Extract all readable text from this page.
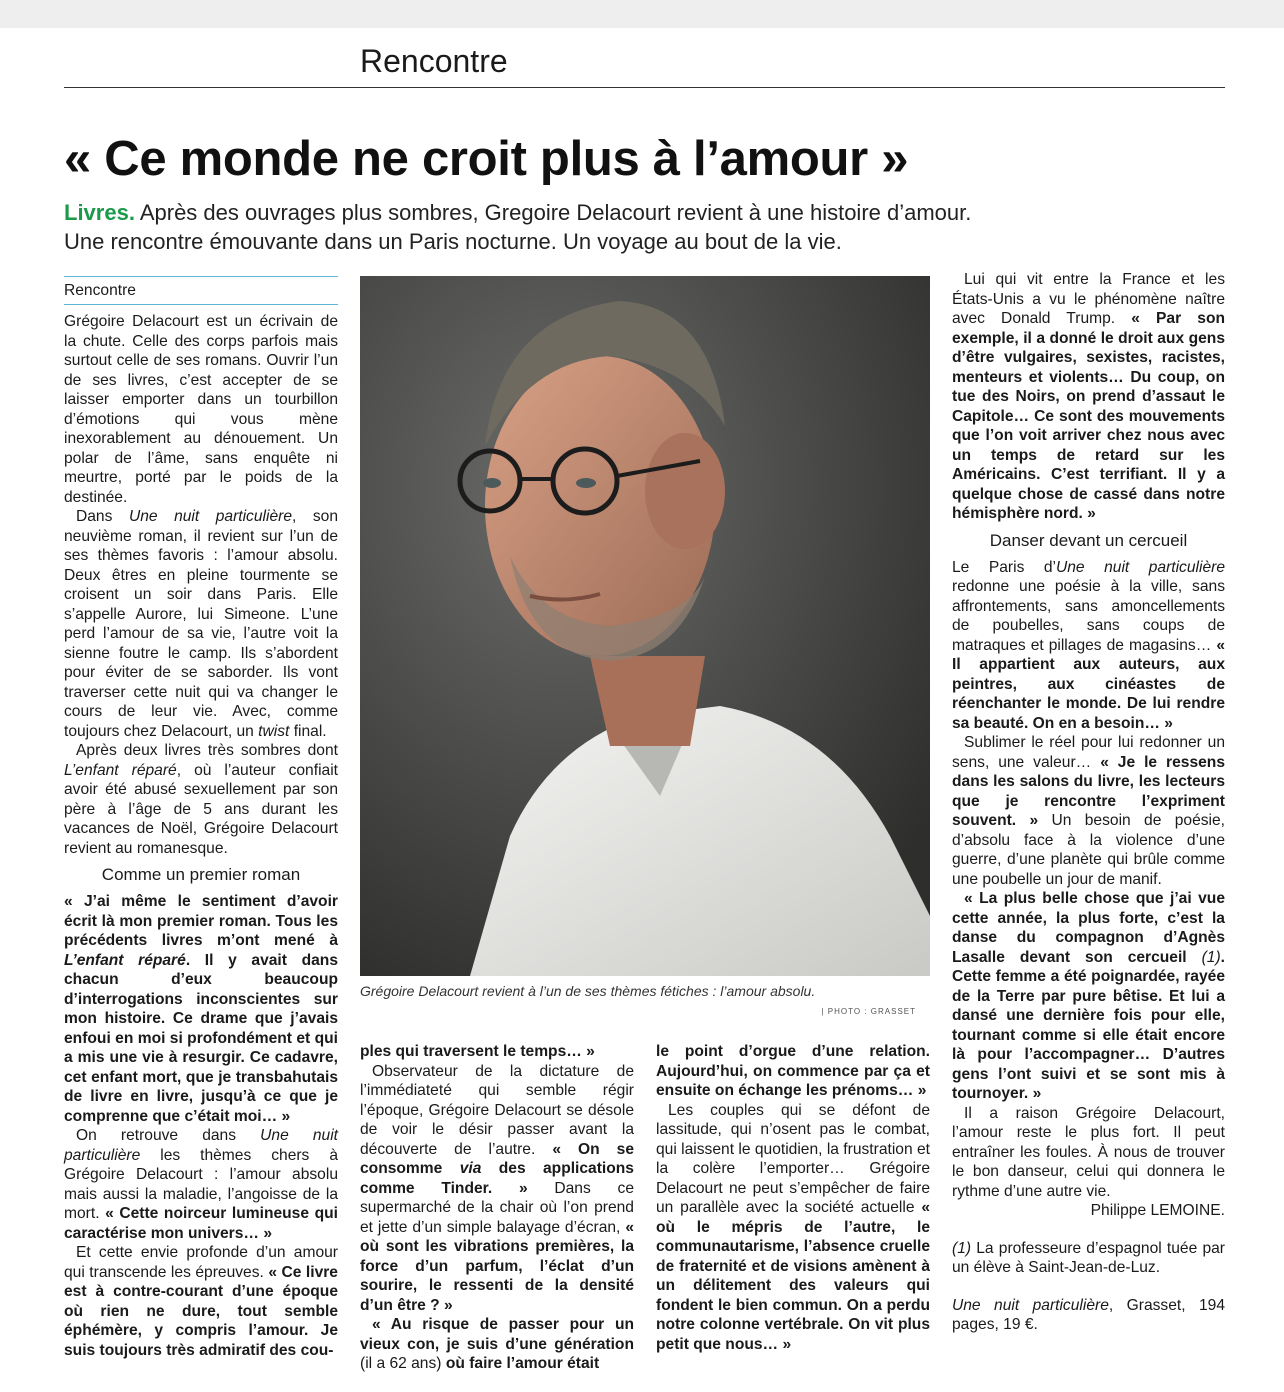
Rencontre
« Ce monde ne croit plus à l’amour »

Livres. Après des ouvrages plus sombres, Gregoire Delacourt revient à une histoire d’amour.

Une rencontre émouvante dans un Paris nocturne. Un voyage au bout de la vie.

Rencontre

Grégoire Delacourt est un écrivain de la chute. Celle des corps parfois mais surtout celle de ses romans. Ouvrir l’un de ses livres, c’est accepter de se laisser emporter dans un tourbillon d’émotions qui vous mène inexorablement au dénouement. Un polar de l’âme, sans enquête ni meurtre, porté par le poids de la destinée.

Dans Une nuit particulière, son neuvième roman, il revient sur l’un de ses thèmes favoris : l’amour absolu. Deux êtres en pleine tourmente se croisent un soir dans Paris. Elle s’appelle Aurore, lui Simeone. L’une perd l’amour de sa vie, l’autre voit la sienne foutre le camp. Ils s’abordent pour éviter de se saborder. Ils vont traverser cette nuit qui va changer le cours de leur vie. Avec, comme toujours chez Delacourt, un twist final.

Après deux livres très sombres dont L’enfant réparé, où l’auteur confiait avoir été abusé sexuellement par son père à l’âge de 5 ans durant les vacances de Noël, Grégoire Delacourt revient au romanesque.

Comme un premier roman

« J’ai même le sentiment d’avoir écrit là mon premier roman. Tous les précédents livres m’ont mené à L’enfant réparé. Il y avait dans chacun d’eux beaucoup d’interrogations inconscientes sur mon histoire. Ce drame que j’avais enfoui en moi si profondément et qui a mis une vie à resurgir. Ce cadavre, cet enfant mort, que je transbahutais de livre en livre, jusqu’à ce que je comprenne que c’était moi… »

On retrouve dans Une nuit particulière les thèmes chers à Grégoire Delacourt : l’amour absolu mais aussi la maladie, l’angoisse de la mort. « Cette noirceur lumineuse qui caractérise mon univers… »

Et cette envie profonde d’un amour qui transcende les épreuves. « Ce livre est à contre-courant d’une époque où rien ne dure, tout semble éphémère, y compris l’amour. Je suis toujours très admiratif des cou-

Grégoire Delacourt revient à l’un de ses thèmes fétiches : l’amour absolu.
| PHOTO : GRASSET

ples qui traversent le temps… »

Observateur de la dictature de l’immédiateté qui semble régir l’époque, Grégoire Delacourt se désole de voir le désir passer avant la découverte de l’autre. « On se consomme via des applications comme Tinder. » Dans ce supermarché de la chair où l’on prend et jette d’un simple balayage d’écran, « où sont les vibrations premières, la force d’un parfum, l’éclat d’un sourire, le ressenti de la densité d’un être ? »

« Au risque de passer pour un vieux con, je suis d’une génération (il a 62 ans) où faire l’amour était

le point d’orgue d’une relation. Aujourd’hui, on commence par ça et ensuite on échange les prénoms… »

Les couples qui se défont de lassitude, qui n’osent pas le combat, qui laissent le quotidien, la frustration et la colère l’emporter… Grégoire Delacourt ne peut s’empêcher de faire un parallèle avec la société actuelle « où le mépris de l’autre, le communautarisme, l’absence cruelle de fraternité et de visions amènent à un délitement des valeurs qui fondent le bien commun. On a perdu notre colonne vertébrale. On vit plus petit que nous… »

Lui qui vit entre la France et les États-Unis a vu le phénomène naître avec Donald Trump. « Par son exemple, il a donné le droit aux gens d’être vulgaires, sexistes, racistes, menteurs et violents… Du coup, on tue des Noirs, on prend d’assaut le Capitole… Ce sont des mouvements que l’on voit arriver chez nous avec un temps de retard sur les Américains. C’est terrifiant. Il y a quelque chose de cassé dans notre hémisphère nord. »

Danser devant un cercueil

Le Paris d’Une nuit particulière redonne une poésie à la ville, sans affrontements, sans amoncellements de poubelles, sans coups de matraques et pillages de magasins… « Il appartient aux auteurs, aux peintres, aux cinéastes de réenchanter le monde. De lui rendre sa beauté. On en a besoin… »

Sublimer le réel pour lui redonner un sens, une valeur… « Je le ressens dans les salons du livre, les lecteurs que je rencontre l’expriment souvent. » Un besoin de poésie, d’absolu face à la violence d’une guerre, d’une planète qui brûle comme une poubelle un jour de manif.

« La plus belle chose que j’ai vue cette année, la plus forte, c’est la danse du compagnon d’Agnès Lasalle devant son cercueil (1). Cette femme a été poignardée, rayée de la Terre par pure bêtise. Et lui a dansé une dernière fois pour elle, tournant comme si elle était encore là pour l’accompagner… D’autres gens l’ont suivi et se sont mis à tournoyer. »

Il a raison Grégoire Delacourt, l’amour reste le plus fort. Il peut entraîner les foules. À nous de trouver le bon danseur, celui qui donnera le rythme d’une autre vie.

Philippe LEMOINE.

(1) La professeure d’espagnol tuée par un élève à Saint-Jean-de-Luz.

Une nuit particulière, Grasset, 194 pages, 19 €.
